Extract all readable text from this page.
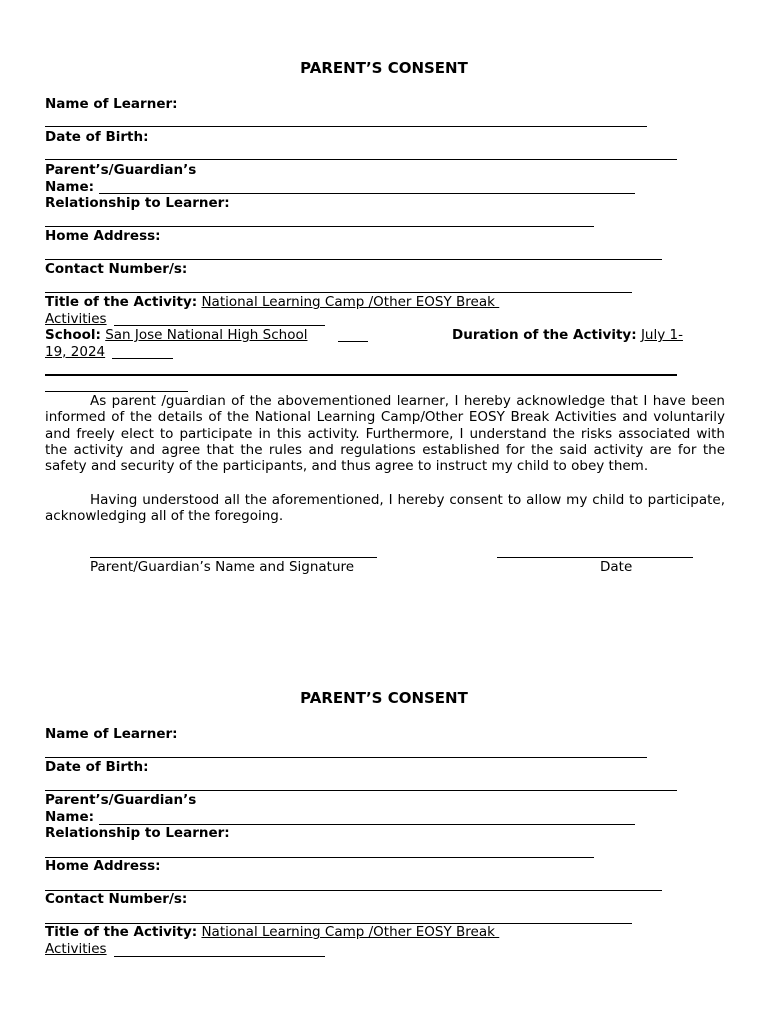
PARENT’S CONSENT
Name of Learner:
Date of Birth:
Parent’s/Guardian’s
Name:
Relationship to Learner:
Home Address:
Contact Number/s:
Title of the Activity: National Learning Camp /Other EOSY Break
Activities
School: San Jose National High School	Duration of the Activity: July 1-
19, 2024
As parent /guardian of the abovementioned learner, I hereby acknowledge that I have been informed of the details of the National Learning Camp/Other EOSY Break Activities and voluntarily and freely elect to participate in this activity. Furthermore, I understand the risks associated with the activity and agree that the rules and regulations established for the said activity are for the safety and security of the participants, and thus agree to instruct my child to obey them.
Having understood all the aforementioned, I hereby consent to allow my child to participate, acknowledging all of the foregoing.
Parent/Guardian’s Name and Signature	Date
PARENT’S CONSENT
Name of Learner:
Date of Birth:
Parent’s/Guardian’s
Name:
Relationship to Learner:
Home Address:
Contact Number/s:
Title of the Activity: National Learning Camp /Other EOSY Break
Activities
